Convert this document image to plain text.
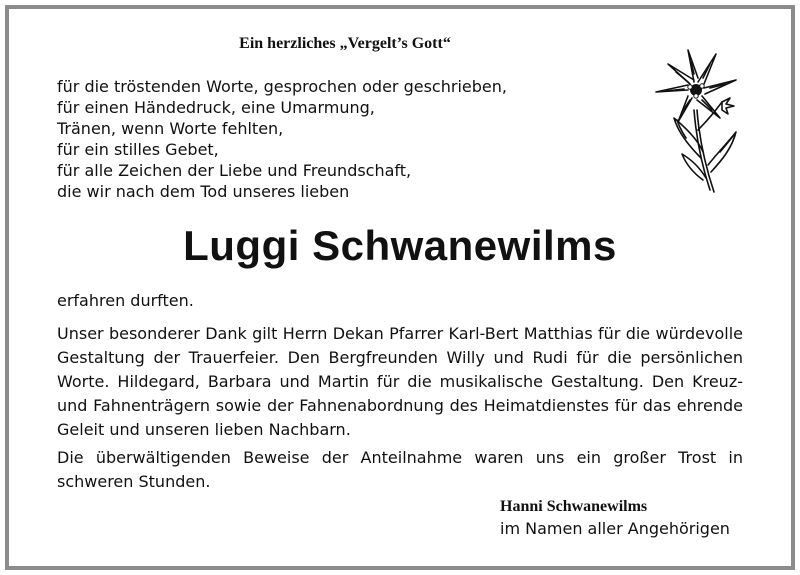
Ein herzliches „Vergelt’s Gott“
für die tröstenden Worte, gesprochen oder geschrieben,
für einen Händedruck, eine Umarmung,
Tränen, wenn Worte fehlten,
für ein stilles Gebet,
für alle Zeichen der Liebe und Freundschaft,
die wir nach dem Tod unseres lieben
Luggi Schwanewilms

erfahren durften.

Unser besonderer Dank gilt Herrn Dekan Pfarrer Karl-Bert Matthias für die würdevolle Gestaltung der Trauerfeier. Den Bergfreunden Willy und Rudi für die persönlichen Worte. Hildegard, Barbara und Martin für die musikalische Gestaltung. Den Kreuz- und Fahnenträgern sowie der Fahnenabordnung des Heimatdienstes für das ehrende Geleit und unseren lieben Nachbarn.

Die überwältigenden Beweise der Anteilnahme waren uns ein großer Trost in schweren Stunden.

Hanni Schwanewilms

im Namen aller Angehörigen
